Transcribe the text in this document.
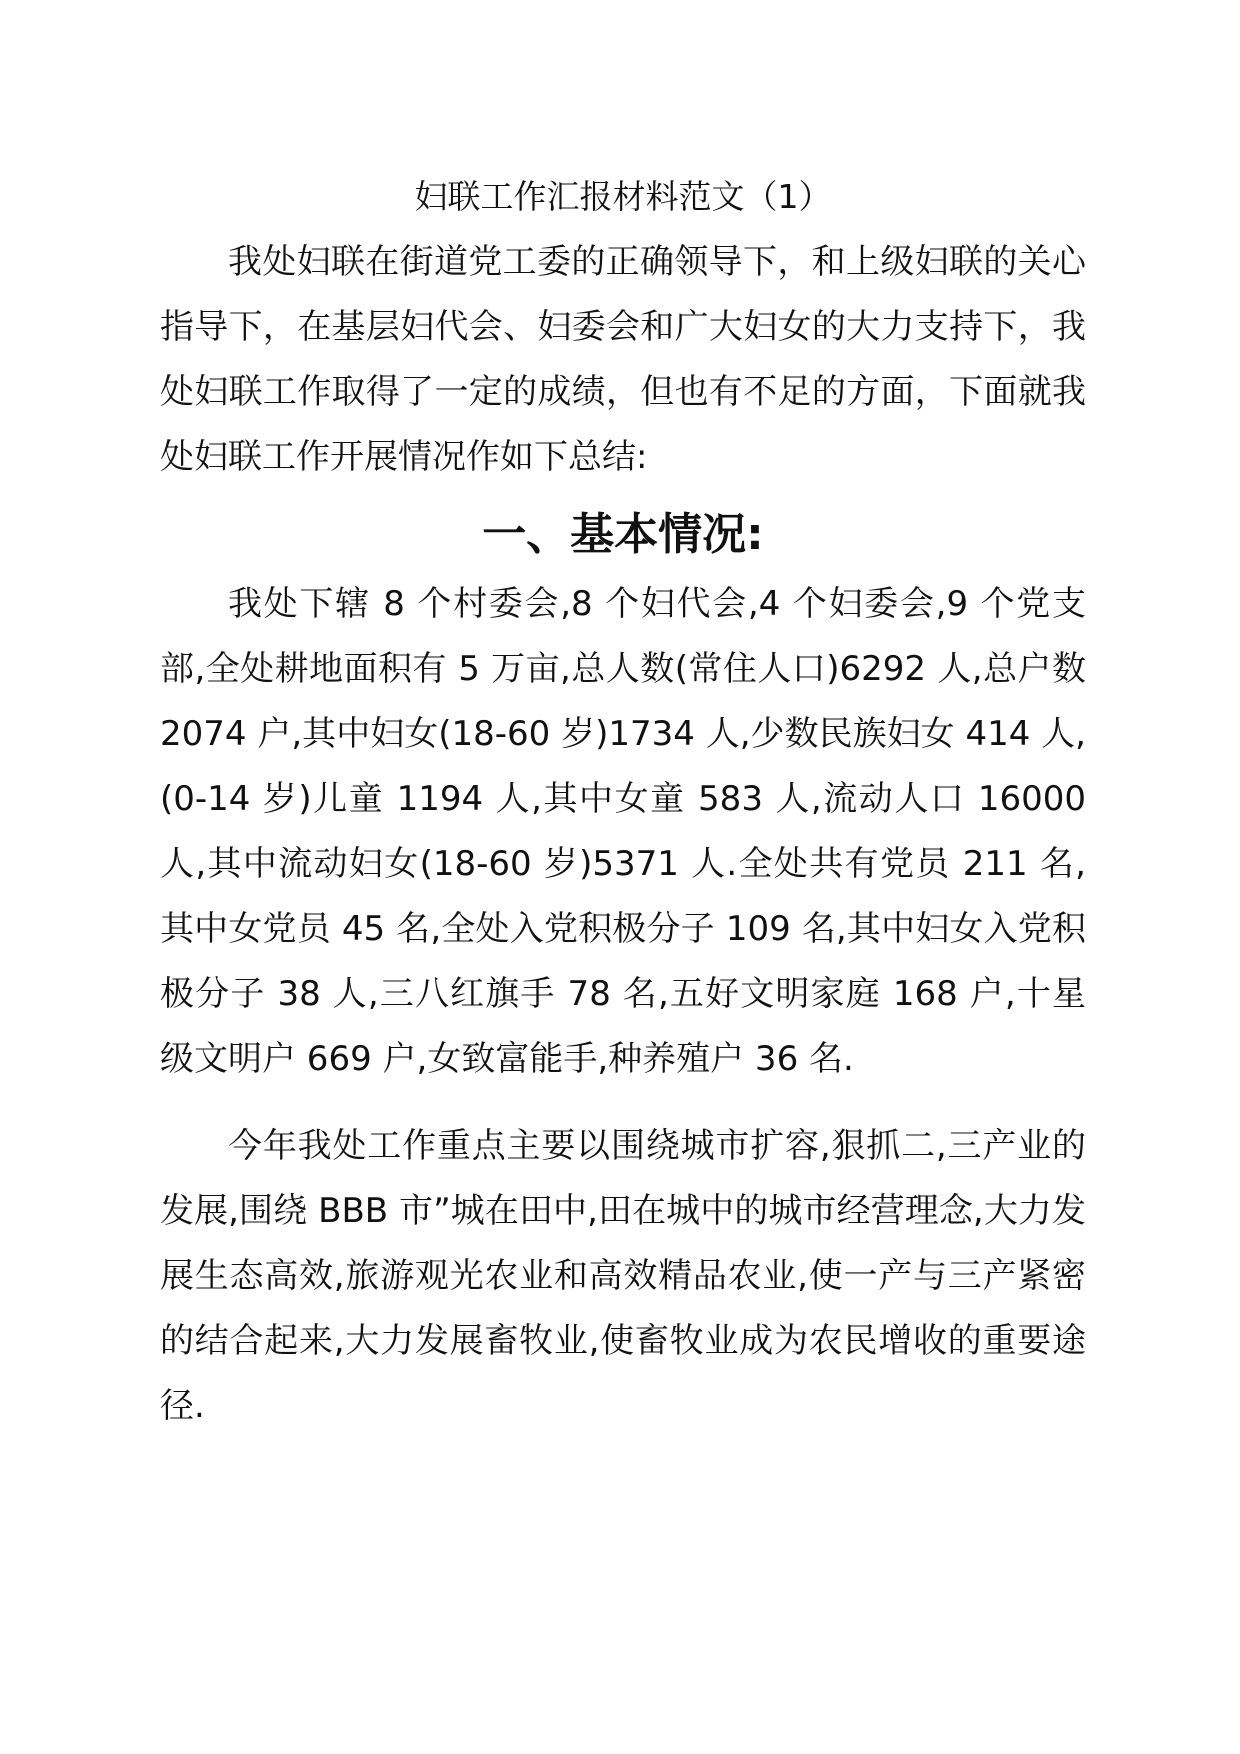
妇联工作汇报材料范文（1）

我处妇联在街道党工委的正确领导下，和上级妇联的关心指导下，在基层妇代会、妇委会和广大妇女的大力支持下，我处妇联工作取得了一定的成绩，但也有不足的方面，下面就我处妇联工作开展情况作如下总结:

一、基本情况:

我处下辖 8 个村委会,8 个妇代会,4 个妇委会,9 个党支部,全处耕地面积有 5 万亩,总人数(常住人口)6292 人,总户数 2074 户,其中妇女(18-60 岁)1734 人,少数民族妇女 414 人,(0-14 岁)儿童 1194 人,其中女童 583 人,流动人口 16000 人,其中流动妇女(18-60 岁)5371 人.全处共有党员 211 名,其中女党员 45 名,全处入党积极分子 109 名,其中妇女入党积极分子 38 人,三八红旗手 78 名,五好文明家庭 168 户,十星级文明户 669 户,女致富能手,种养殖户 36 名.

今年我处工作重点主要以围绕城市扩容,狠抓二,三产业的发展,围绕 BBB 市”城在田中,田在城中的城市经营理念,大力发展生态高效,旅游观光农业和高效精品农业,使一产与三产紧密的结合起来,大力发展畜牧业,使畜牧业成为农民增收的重要途径.
